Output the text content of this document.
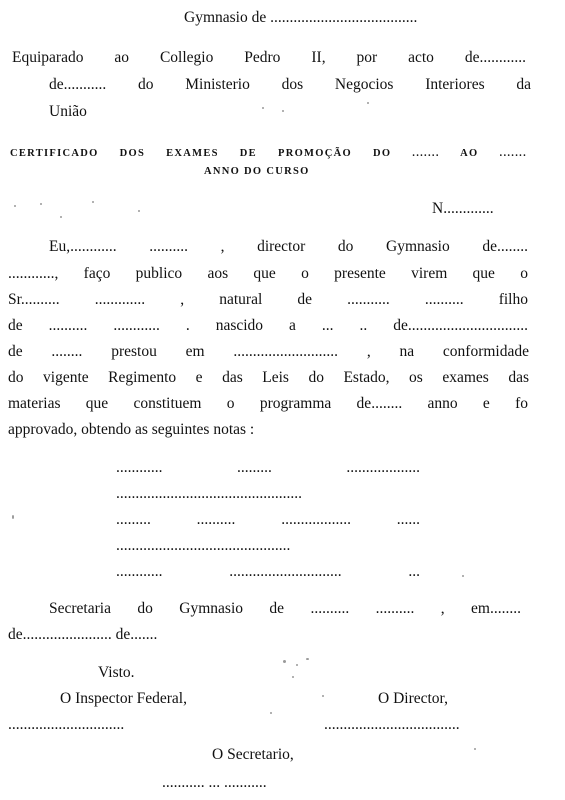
Gymnasio de ......................................
Equiparado ao Collegio Pedro II, por acto de............
de........... do Ministerio dos Negocios Interiores da
União
CERTIFICADO DOS EXAMES DE PROMOÇÃO DO ....... AO .......
ANNO DO CURSO
N.............
Eu,............ .......... , director do Gymnasio de........
............, faço publico aos que o presente virem que o
Sr.......... ............. , natural de ........... .......... filho
de .......... ............ . nascido a ... .. de...............................
de ........ prestou em ........................... , na conformidade
do vigente Regimento e das Leis do Estado, os exames das
materias que constituem o programma de........ anno e fo
approvado, obtendo as seguintes notas :
............ ......... ...................
................................................
......... .......... .................. ......
.............................................
............ ............................. ...
Secretaria do Gymnasio de .......... .......... , em........
de....................... de.......
Visto.
O Inspector Federal,	O Director,
..............................	...................................
O Secretario,
........... ... ...........
